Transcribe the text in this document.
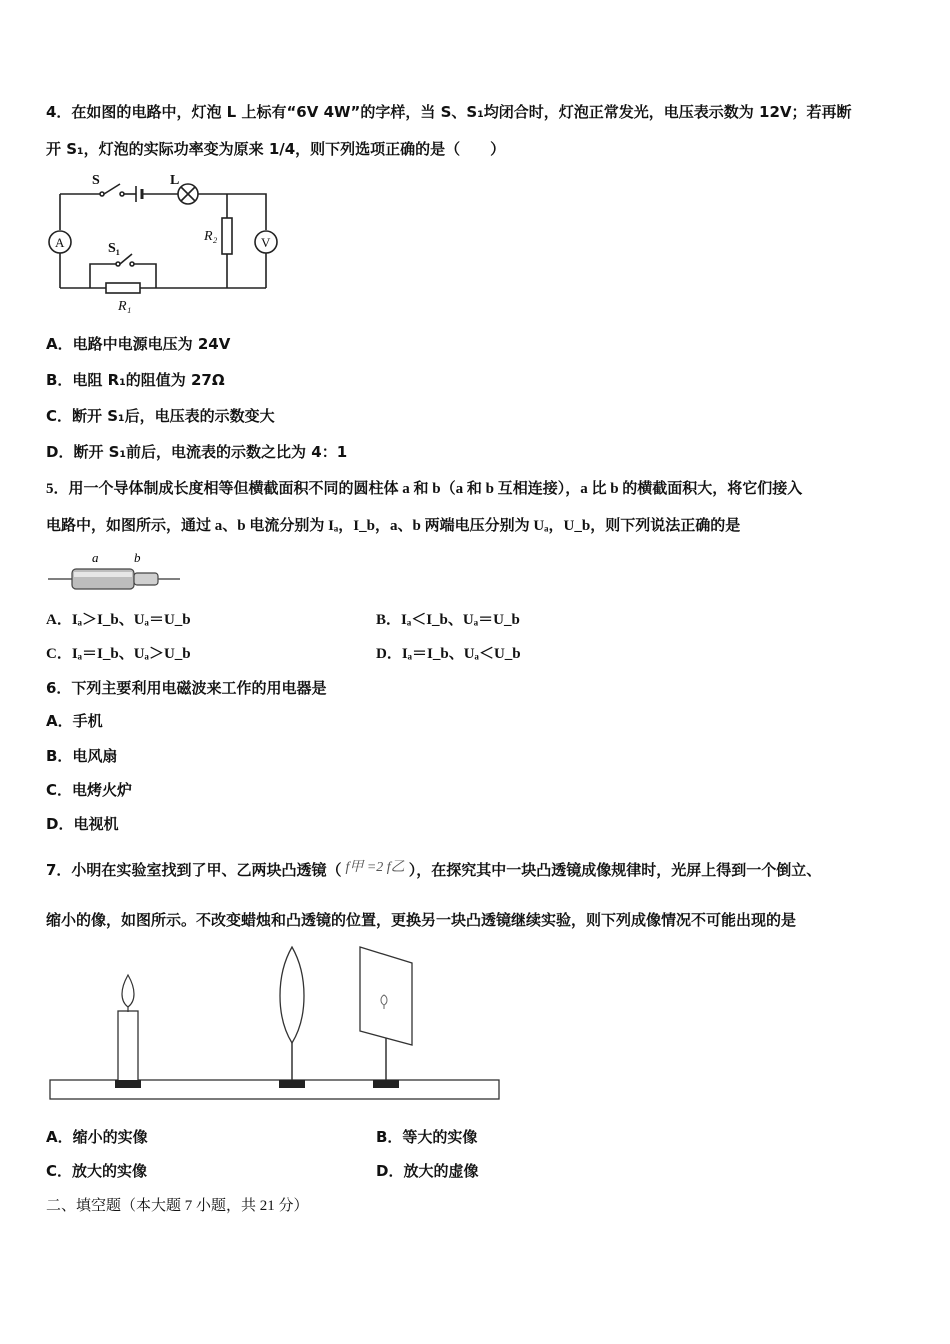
4．在如图的电路中，灯泡 L 上标有“6V 4W”的字样，当 S、S₁均闭合时，灯泡正常发光，电压表示数为 12V；若再断
开 S₁，灯泡的实际功率变为原来 1/4，则下列选项正确的是（　　）
S	L
S₁
R₁
R₂
A	V
A．电路中电源电压为 24V
B．电阻 R₁的阻值为 27Ω
C．断开 S₁后，电压表的示数变大
D．断开 S₁前后，电流表的示数之比为 4：1
5．用一个导体制成长度相等但横截面积不同的圆柱体 a 和 b（a 和 b 互相连接），a 比 b 的横截面积大，将它们接入
电路中，如图所示，通过 a、b 电流分别为 Iₐ，I_b，a、b 两端电压分别为 Uₐ，U_b，则下列说法正确的是
a	b
A．Iₐ＞I_b、Uₐ＝U_b	B．Iₐ＜I_b、Uₐ＝U_b
C．Iₐ＝I_b、Uₐ＞U_b	D．Iₐ＝I_b、Uₐ＜U_b
6．下列主要利用电磁波来工作的用电器是
A．手机
B．电风扇
C．电烤火炉
D．电视机
7．小明在实验室找到了甲、乙两块凸透镜（ f甲 =2 f乙 ），在探究其中一块凸透镜成像规律时，光屏上得到一个倒立、
缩小的像，如图所示。不改变蜡烛和凸透镜的位置，更换另一块凸透镜继续实验，则下列成像情况不可能出现的是
A．缩小的实像	B．等大的实像
C．放大的实像	D．放大的虚像
二、填空题（本大题 7 小题，共 21 分）
